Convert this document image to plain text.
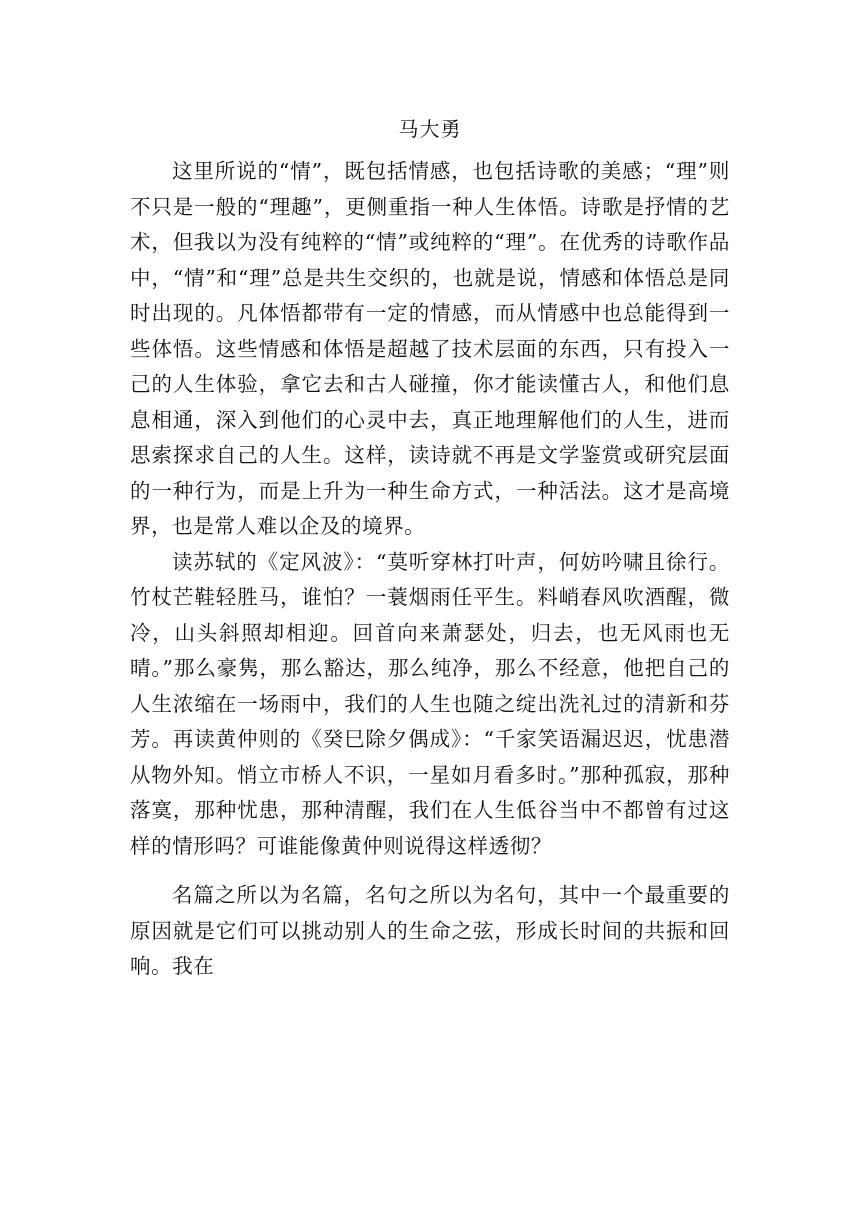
马大勇

这里所说的“情”，既包括情感，也包括诗歌的美感；“理”则不只是一般的“理趣”，更侧重指一种人生体悟。诗歌是抒情的艺术，但我以为没有纯粹的“情”或纯粹的“理”。在优秀的诗歌作品中，“情”和“理”总是共生交织的，也就是说，情感和体悟总是同时出现的。凡体悟都带有一定的情感，而从情感中也总能得到一些体悟。这些情感和体悟是超越了技术层面的东西，只有投入一己的人生体验，拿它去和古人碰撞，你才能读懂古人，和他们息息相通，深入到他们的心灵中去，真正地理解他们的人生，进而思索探求自己的人生。这样，读诗就不再是文学鉴赏或研究层面的一种行为，而是上升为一种生命方式，一种活法。这才是高境界，也是常人难以企及的境界。

读苏轼的《定风波》：“莫听穿林打叶声，何妨吟啸且徐行。竹杖芒鞋轻胜马，谁怕？一蓑烟雨任平生。料峭春风吹酒醒，微冷，山头斜照却相迎。回首向来萧瑟处，归去，也无风雨也无晴。”那么豪隽，那么豁达，那么纯净，那么不经意，他把自己的人生浓缩在一场雨中，我们的人生也随之绽出洗礼过的清新和芬芳。再读黄仲则的《癸巳除夕偶成》：“千家笑语漏迟迟，忧患潜从物外知。悄立市桥人不识，一星如月看多时。”那种孤寂，那种落寞，那种忧患，那种清醒，我们在人生低谷当中不都曾有过这样的情形吗？可谁能像黄仲则说得这样透彻？

名篇之所以为名篇，名句之所以为名句，其中一个最重要的原因就是它们可以挑动别人的生命之弦，形成长时间的共振和回响。我在
